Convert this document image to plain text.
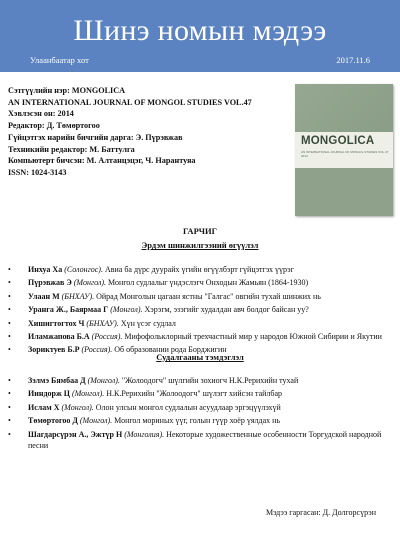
Шинэ номын мэдээ
Улаанбаатар хот	2017.11.6
Сэтгүүлийн нэр: MONGOLICA
AN INTERNATIONAL JOURNAL OF MONGOL STUDIES VOL.47
Хэвлэсэн он: 2014
Редактор: Д. Төмөртогоо
Гүйцэтгэх нарийн бичгийн дарга: Э. Пүрэвжав
Техникийн редактор: М. Баттулга
Компьютерт бичсэн: М. Алтанцэцэг, Ч. Нарантуяа
ISSN: 1024-3143
MONGOLICA
AN INTERNATIONAL JOURNAL OF MONGOL STUDIES VOL.47 2014
ГАРЧИГ
Эрдэм шинжилгээний өгүүлэл
• Инхуа Ха (Солонгос). Авиа ба дүрс дуурайх үгийн өгүүлбэрт гүйцэтгэх үүрэг
• Пүрэвжав Э (Монгол). Монгол судлалыг үндэслэгч Онходын Жамьян (1864-1930)
• Улаан М (БНХАУ). Ойрад Монголын цагаан ястны "Галгас" овгийн тухай шинжих нь
• Уранга Ж., Баярмаа Г (Монгол). Хэрэгм, эзэгийг худалдан авч болдог байсан уу?
• Хишигтогтох Ч (БНХАУ). Хүн үсэг судлал
• Иламжапова Б.А (Россия). Мифофольклорный трехчастный мир у народов Южной Сибирии и Якутии
• Зориктуев Б.Р (Россия). Об образовании рода Борджигин
Судалгааны тэмдэглэл
• Зэлмэ Бямбаа Д (Монгол). "Жолоодогч" шүлгийн зохиогч Н.К.Рерихийн тухай
• Ииндорж Ц (Монгол). Н.К.Рерихийн "Жолоодогч" шүлэгт хийсэн тайлбар
• Ислам Х (Монгол). Олон улсын монгол судлалын асуудлаар эргэцүүлэхүй
• Төмөртогоо Д (Монгол). Монгол мориных үүг, голын гүүр хоёр үялдах нь
• Шагдарсүрэн А., Эжтүр Н (Монголия). Некоторые художественные особенности Торгудской народной песни
Мэдээ гаргасан: Д. Долгорсүрэн
